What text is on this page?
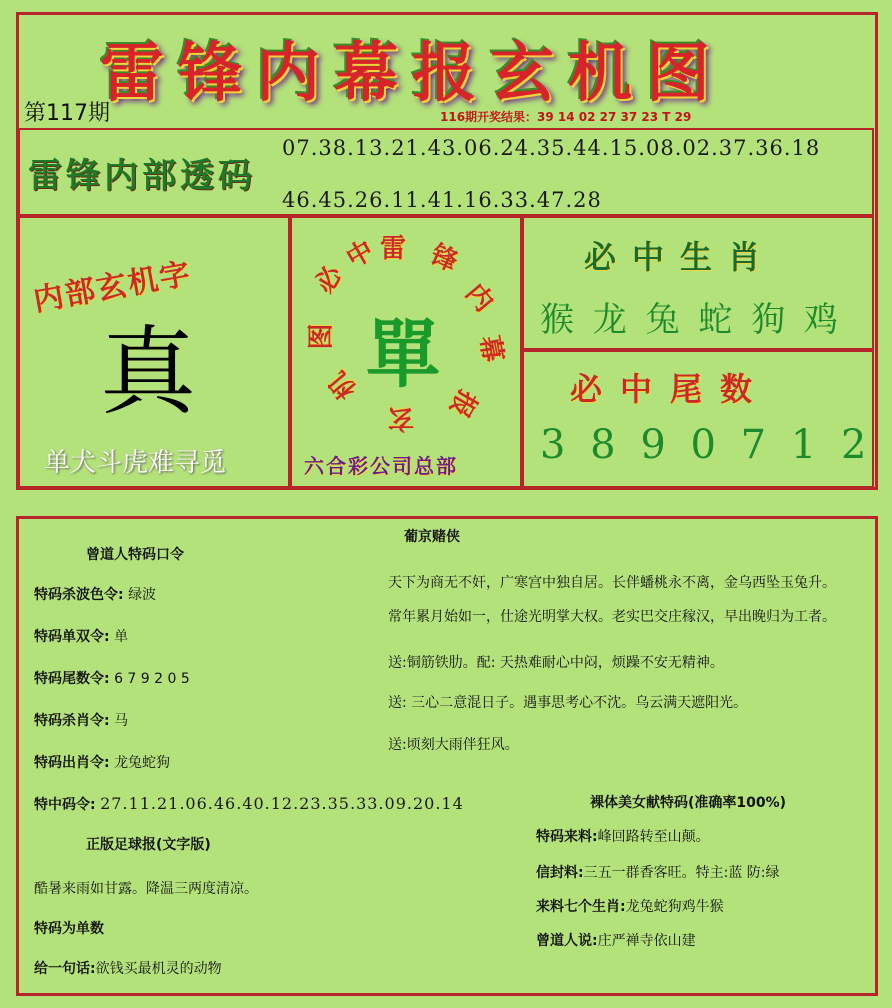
雷锋内幕报玄机图
第117期	116期开奖结果：39 14 02 27 37 23 T 29
雷锋内部透码
07.38.13.21.43.06.24.35.44.15.08.02.37.36.18
46.45.26.11.41.16.33.47.28
内部玄机字
真
单犬斗虎难寻觅
雷 锋
内
幕
报
玄
机
图
必
中
單
六合彩公司总部
必中生肖
猴 龙 兔 蛇 狗 鸡
必中尾数
3 8 9 0 7 1 2
葡京赌侠
曾道人特码口令
特码杀波色令: 绿波
特码单双令: 单
特码尾数令: 6 7 9 2 0 5
特码杀肖令: 马
特码出肖令: 龙兔蛇狗
特中码令: 27.11.21.06.46.40.12.23.35.33.09.20.14
天下为商无不奸，广寒宫中独自居。长伴蟠桃永不离，金乌西坠玉兔升。
常年累月始如一，仕途光明掌大权。老实巴交庄稼汉，早出晚归为工者。
送:铜筋铁肋。配: 天热难耐心中闷，烦躁不安无精神。
送: 三心二意混日子。遇事思考心不沈。乌云满天遮阳光。
送:顷刻大雨伴狂风。
正版足球报(文字版)
酷暑来雨如甘露。降温三两度清凉。
特码为单数
给一句话:欲钱买最机灵的动物
裸体美女献特码(准确率100%)
特码来料:峰回路转至山颠。
信封料:三五一群香客旺。特主:蓝 防:绿
来料七个生肖:龙兔蛇狗鸡牛猴
曾道人说:庄严禅寺依山建
